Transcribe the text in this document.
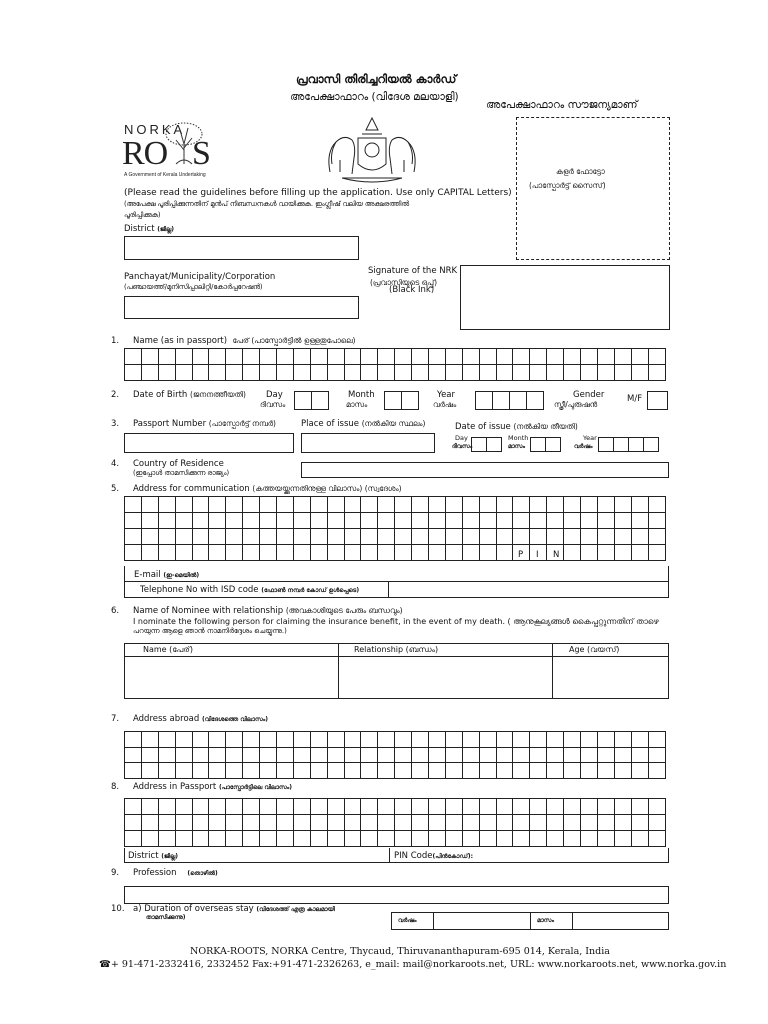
പ്രവാസി തിരിച്ചറിയൽ കാർഡ്
അപേക്ഷാഫാറം (വിദേശ മലയാളി)
അപേക്ഷാഫാറം സൗജന്യമാണ്
NORKA
RO S
A Government of Kerala Undertaking	കളർ ഫോട്ടോ
(പാസ്പോർട്ട് സൈസ്)
(Please read the guidelines before filling up the application. Use only CAPITAL Letters)
(അപേക്ഷ പൂരിപ്പിക്കുന്നതിന് മുൻപ് നിബന്ധനകൾ വായിക്കുക. ഇംഗ്ലീഷ് വലിയ അക്ഷരത്തിൽ
പൂരിപ്പിക്കുക)
District (ജില്ല)
Panchayat/Municipality/Corporation
(പഞ്ചായത്ത്/മുനിസിപ്പാലിറ്റി/കോർപ്പറേഷൻ)
Signature of the NRK
(പ്രവാസിയുടെ ഒപ്പ്)
(Black Ink)
1. Name (as in passport) പേര് (പാസ്പോർട്ടിൽ ഉള്ളതുപോലെ)

2. Date of Birth (ജനനത്തീയതി) Day
ദിവസം

Month
മാസം

Year
വർഷം

Gender
സ്ത്രീ/പുരുഷൻ
M/F
3. Passport Number (പാസ്പോർട്ട് നമ്പർ)	Place of issue (നൽകിയ സ്ഥലം)	Date of issue (നൽകിയ തീയതി)
Day
ദിവസം

Month
മാസം

Year
വർഷം

4. Country of Residence
(ഇപ്പോൾ താമസിക്കുന്ന രാജ്യം)
5. Address for communication (കത്തയയ്ക്കുന്നതിനുള്ള വിലാസം) (സ്വദേശം)

P I N
E-mail (ഇ-മെയിൽ)
Telephone No with ISD code (ഫോൺ നമ്പർ കോഡ് ഉൾപ്പെടെ)
6. Name of Nominee with relationship (അവകാശിയുടെ പേരും ബന്ധവും)
I nominate the following person for claiming the insurance benefit, in the event of my death. ( ആനുകൂല്യങ്ങൾ കൈപ്പറ്റുന്നതിന് താഴെ
പറയുന്ന ആളെ ഞാൻ നാമനിർദ്ദേശം ചെയ്യുന്നു.)
Name (പേര്)	Relationship (ബന്ധം)	Age (വയസ്)
7. Address abroad (വിദേശത്തെ വിലാസം)

8. Address in Passport (പാസ്പോർട്ടിലെ വിലാസം)

District (ജില്ല)	PIN Code(പിൻകോഡ്):
9. Profession (തൊഴിൽ)
10. a) Duration of overseas stay (വിദേശത്ത് എത്ര കാലമായി
താമസിക്കുന്നു)	വർഷം	മാസം
NORKA-ROOTS, NORKA Centre, Thycaud, Thiruvananthapuram-695 014, Kerala, India
☎+ 91-471-2332416, 2332452 Fax:+91-471-2326263, e_mail: mail@norkaroots.net, URL: www.norkaroots.net, www.norka.gov.in
